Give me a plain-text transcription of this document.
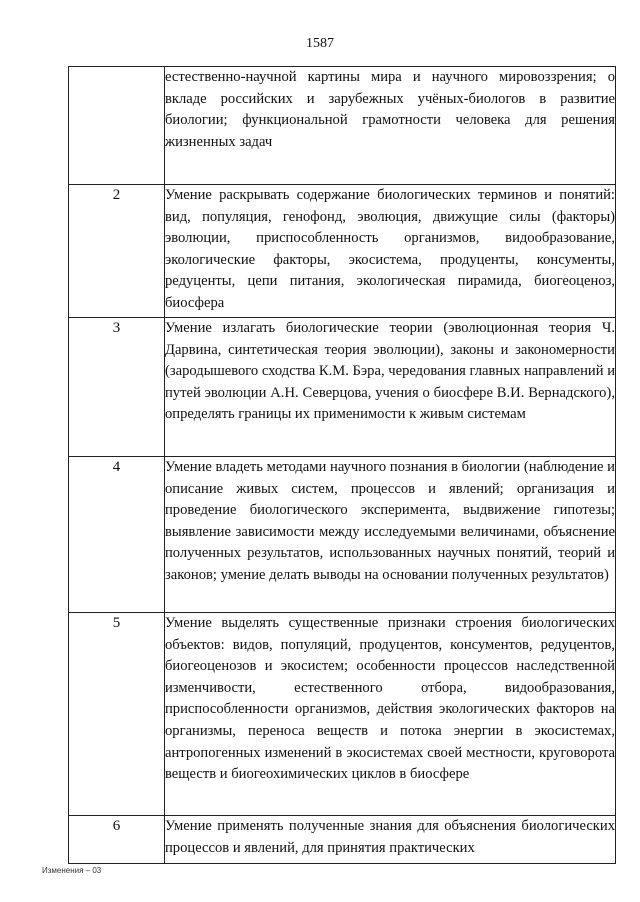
1587
	естественно-научной картины мира и научного мировоззрения; о вкладе российских и зарубежных учёных-биологов в развитие биологии; функциональной грамотности человека для решения жизненных задач
2	Умение раскрывать содержание биологических терминов и понятий: вид, популяция, генофонд, эволюция, движущие силы (факторы) эволюции, приспособленность организмов, видообразование, экологические факторы, экосистема, продуценты, консументы, редуценты, цепи питания, экологическая пирамида, биогеоценоз, биосфера
3	Умение излагать биологические теории (эволюционная теория Ч. Дарвина, синтетическая теория эволюции), законы и закономерности (зародышевого сходства К.М. Бэра, чередования главных направлений и путей эволюции А.Н. Северцова, учения о биосфере В.И. Вернадского), определять границы их применимости к живым системам
4	Умение владеть методами научного познания в биологии (наблюдение и описание живых систем, процессов и явлений; организация и проведение биологического эксперимента, выдвижение гипотезы; выявление зависимости между исследуемыми величинами, объяснение полученных результатов, использованных научных понятий, теорий и законов; умение делать выводы на основании полученных результатов)
5	Умение выделять существенные признаки строения биологических объектов: видов, популяций, продуцентов, консументов, редуцентов, биогеоценозов и экосистем; особенности процессов наследственной изменчивости, естественного отбора, видообразования, приспособленности организмов, действия экологических факторов на организмы, переноса веществ и потока энергии в экосистемах, антропогенных изменений в экосистемах своей местности, круговорота веществ и биогеохимических циклов в биосфере
6	Умение применять полученные знания для объяснения биологических процессов и явлений, для принятия практических
Изменения – 03
